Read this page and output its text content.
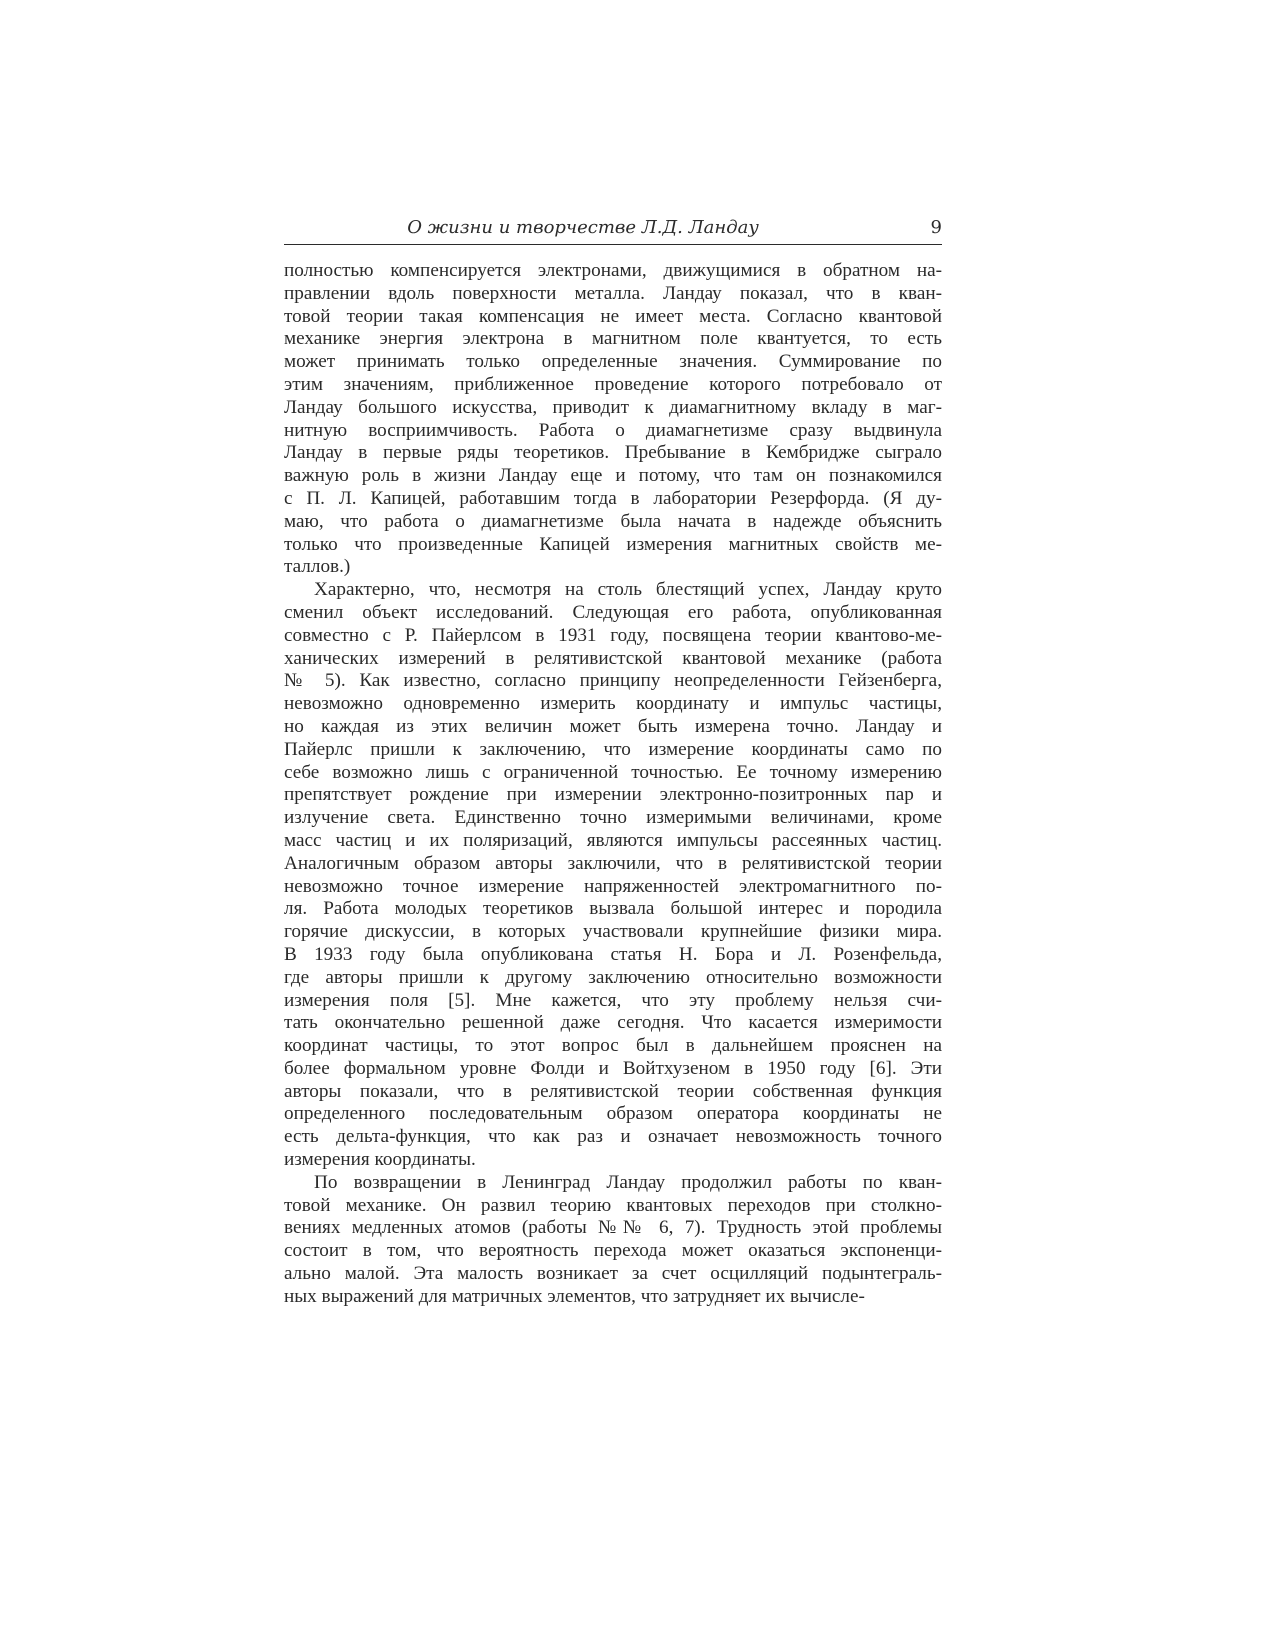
О жизни и творчестве Л.Д. Ландау	9
полностью компенсируется электронами, движущимися в обратном на-
правлении вдоль поверхности металла. Ландау показал, что в кван-
товой теории такая компенсация не имеет места. Согласно квантовой
механике энергия электрона в магнитном поле квантуется, то есть
может принимать только определенные значения. Суммирование по
этим значениям, приближенное проведение которого потребовало от
Ландау большого искусства, приводит к диамагнитному вкладу в маг-
нитную восприимчивость. Работа о диамагнетизме сразу выдвинула
Ландау в первые ряды теоретиков. Пребывание в Кембридже сыграло
важную роль в жизни Ландау еще и потому, что там он познакомился
с П. Л. Капицей, работавшим тогда в лаборатории Резерфорда. (Я ду-
маю, что работа о диамагнетизме была начата в надежде объяснить
только что произведенные Капицей измерения магнитных свойств ме-
таллов.)
Характерно, что, несмотря на столь блестящий успех, Ландау круто
сменил объект исследований. Следующая его работа, опубликованная
совместно с Р. Пайерлсом в 1931 году, посвящена теории квантово-ме-
ханических измерений в релятивистской квантовой механике (работа
№ 5). Как известно, согласно принципу неопределенности Гейзенберга,
невозможно одновременно измерить координату и импульс частицы,
но каждая из этих величин может быть измерена точно. Ландау и
Пайерлс пришли к заключению, что измерение координаты само по
себе возможно лишь с ограниченной точностью. Ее точному измерению
препятствует рождение при измерении электронно-позитронных пар и
излучение света. Единственно точно измеримыми величинами, кроме
масс частиц и их поляризаций, являются импульсы рассеянных частиц.
Аналогичным образом авторы заключили, что в релятивистской теории
невозможно точное измерение напряженностей электромагнитного по-
ля. Работа молодых теоретиков вызвала большой интерес и породила
горячие дискуссии, в которых участвовали крупнейшие физики мира.
В 1933 году была опубликована статья Н. Бора и Л. Розенфельда,
где авторы пришли к другому заключению относительно возможности
измерения поля [5]. Мне кажется, что эту проблему нельзя счи-
тать окончательно решенной даже сегодня. Что касается измеримости
координат частицы, то этот вопрос был в дальнейшем прояснен на
более формальном уровне Фолди и Войтхузеном в 1950 году [6]. Эти
авторы показали, что в релятивистской теории собственная функция
определенного последовательным образом оператора координаты не
есть дельта-функция, что как раз и означает невозможность точного
измерения координаты.
По возвращении в Ленинград Ландау продолжил работы по кван-
товой механике. Он развил теорию квантовых переходов при столкно-
вениях медленных атомов (работы №№ 6, 7). Трудность этой проблемы
состоит в том, что вероятность перехода может оказаться экспоненци-
ально малой. Эта малость возникает за счет осцилляций подынтеграль-
ных выражений для матричных элементов, что затрудняет их вычисле-
